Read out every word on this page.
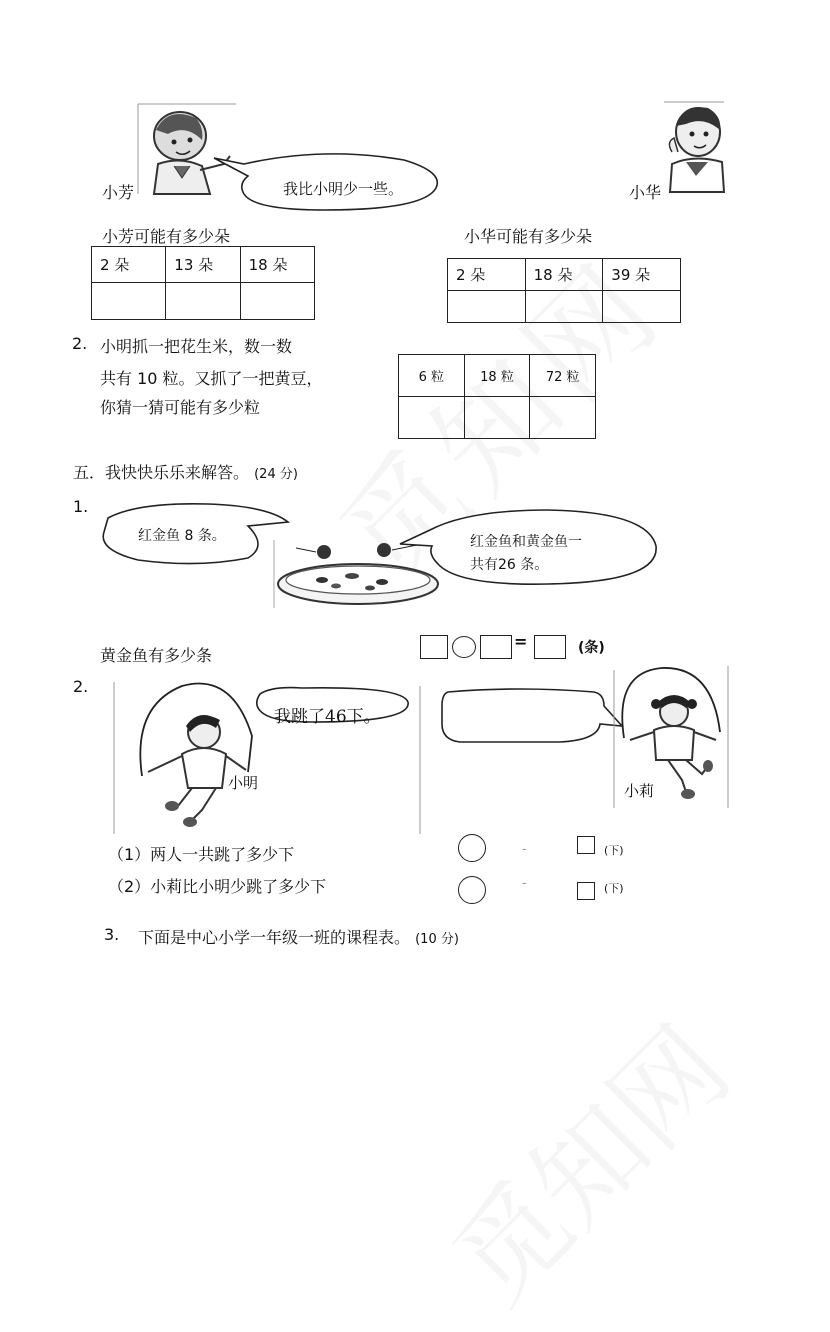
小芳	我比小明少一些。	小华
小芳可能有多少朵	小华可能有多少朵
2 朵	13 朵	18 朵

2 朵	18 朵	39 朵

2. 小明抓一把花生米，数一数
共有 10 粒。又抓了一把黄豆，
你猜一猜可能有多少粒
6 粒	18 粒	72 粒

五．我快快乐乐来解答。 (24 分)
1.
红金鱼 8 条。	红金鱼和黄金鱼一
共有26 条。
黄金鱼有多少条
=	(条)
2.
我跳了46下。
小明	小莉
（1）两人一共跳了多少下	-	(下)
（2）小莉比小明少跳了多少下	-	(下)
3. 下面是中心小学一年级一班的课程表。 (10 分)
